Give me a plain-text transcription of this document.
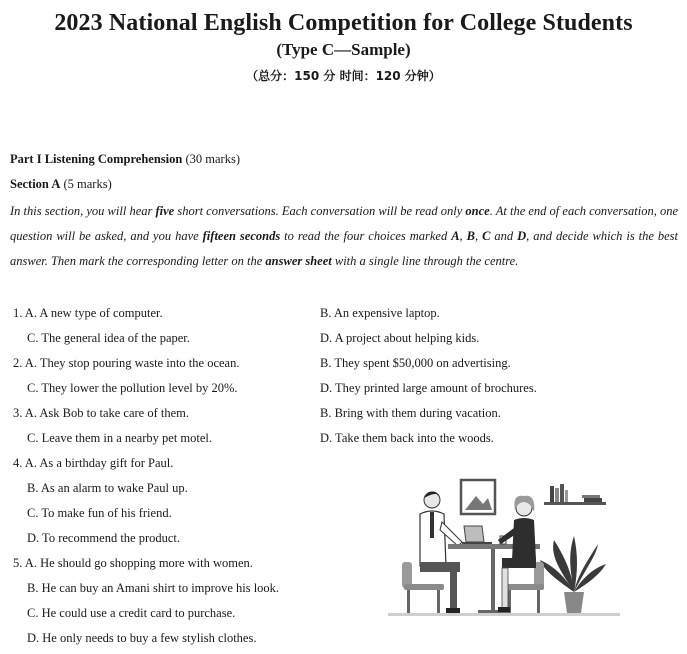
2023 National English Competition for College Students
(Type C—Sample)
（总分：150 分 时间：120 分钟）
Part I Listening Comprehension (30 marks)
Section A (5 marks)
In this section, you will hear five short conversations. Each conversation will be read only once. At the end of each conversation, one question will be asked, and you have fifteen seconds to read the four choices marked A, B, C and D, and decide which is the best answer. Then mark the corresponding letter on the answer sheet with a single line through the centre.
1. A. A new type of computer.	B. An expensive laptop.
C. The general idea of the paper.	D. A project about helping kids.
2. A. They stop pouring waste into the ocean.	B. They spent $50,000 on advertising.
C. They lower the pollution level by 20%.	D. They printed large amount of brochures.
3. A. Ask Bob to take care of them.	B. Bring with them during vacation.
C. Leave them in a nearby pet motel.	D. Take them back into the woods.
4. A. As a birthday gift for Paul.
B. As an alarm to wake Paul up.
C. To make fun of his friend.
D. To recommend the product.
5. A. He should go shopping more with women.
B. He can buy an Amani shirt to improve his look.
C. He could use a credit card to purchase.
D. He only needs to buy a few stylish clothes.
